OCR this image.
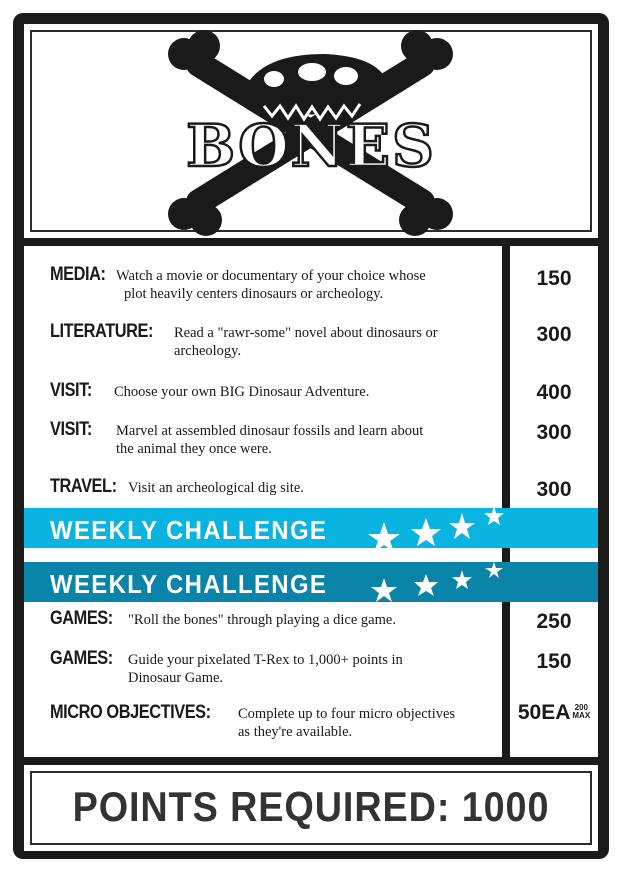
BONES
MEDIA: Watch a movie or documentary of your choice whose
plot heavily centers dinosaurs or archeology.
LITERATURE: Read a "rawr-some" novel about dinosaurs or
archeology.
VISIT: Choose your own BIG Dinosaur Adventure.
VISIT: Marvel at assembled dinosaur fossils and learn about
the animal they once were.
TRAVEL: Visit an archeological dig site.
GAMES: "Roll the bones" through playing a dice game.
GAMES: Guide your pixelated T-Rex to 1,000+ points in
Dinosaur Game.
MICRO OBJECTIVES: Complete up to four micro objectives
as they're available.
150
300
400
300
300
250
150
50EA 200
MAX
WEEKLY CHALLENGE
WEEKLY CHALLENGE
POINTS REQUIRED: 1000
